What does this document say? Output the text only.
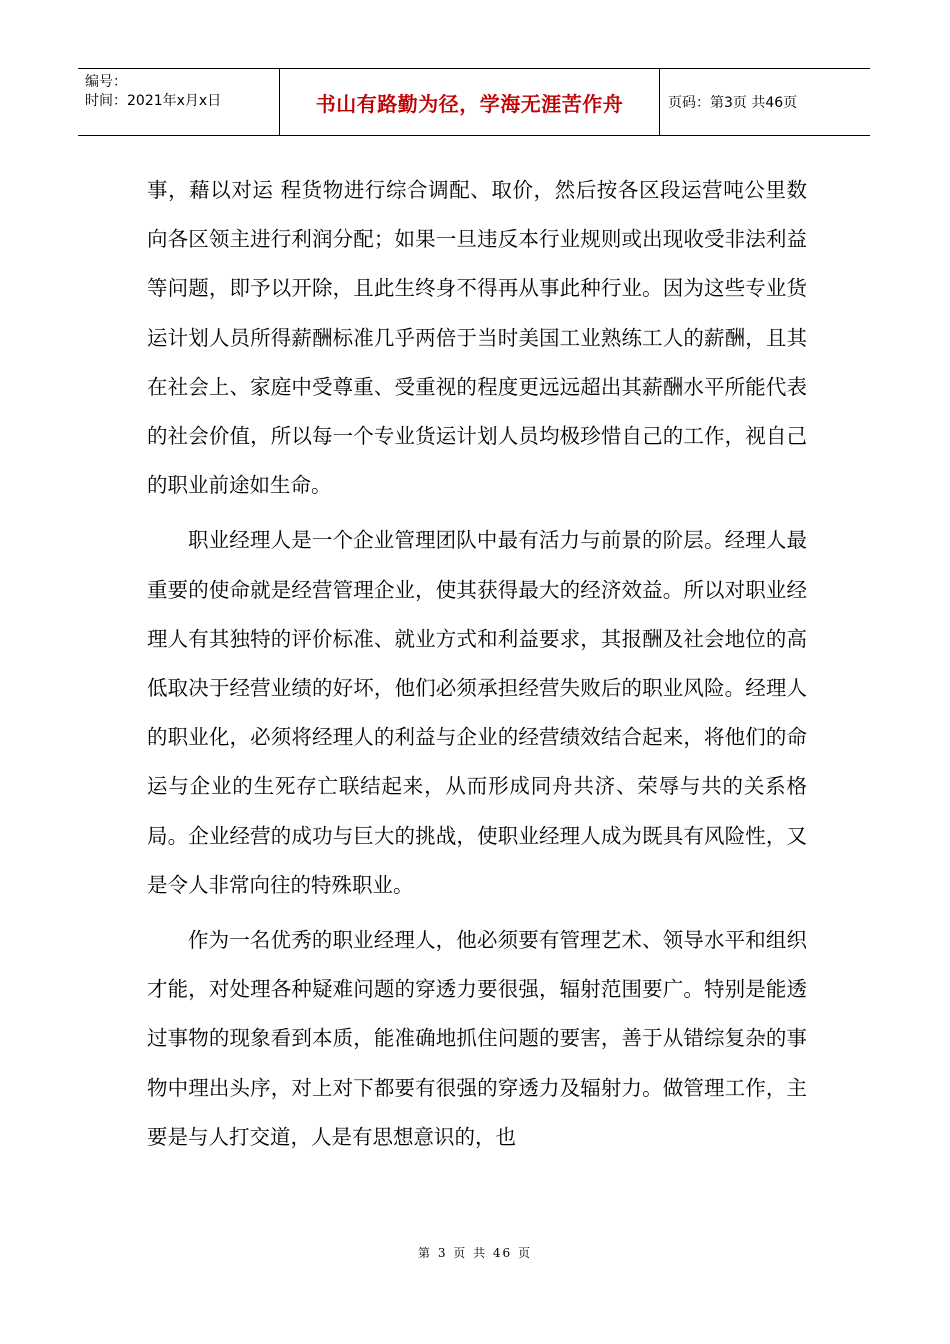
编号：
时间：2021年x月x日	书山有路勤为径，学海无涯苦作舟	页码：第3页 共46页

事，藉以对运 程货物进行综合调配、取价，然后按各区段运营吨公里数向各区领主进行利润分配；如果一旦违反本行业规则或出现收受非法利益等问题，即予以开除，且此生终身不得再从事此种行业。因为这些专业货运计划人员所得薪酬标准几乎两倍于当时美国工业熟练工人的薪酬，且其在社会上、家庭中受尊重、受重视的程度更远远超出其薪酬水平所能代表的社会价值，所以每一个专业货运计划人员均极珍惜自己的工作，视自己的职业前途如生命。

职业经理人是一个企业管理团队中最有活力与前景的阶层。经理人最重要的使命就是经营管理企业，使其获得最大的经济效益。所以对职业经理人有其独特的评价标准、就业方式和利益要求，其报酬及社会地位的高低取决于经营业绩的好坏，他们必须承担经营失败后的职业风险。经理人的职业化，必须将经理人的利益与企业的经营绩效结合起来，将他们的命运与企业的生死存亡联结起来，从而形成同舟共济、荣辱与共的关系格局。企业经营的成功与巨大的挑战，使职业经理人成为既具有风险性，又是令人非常向往的特殊职业。

作为一名优秀的职业经理人，他必须要有管理艺术、领导水平和组织才能，对处理各种疑难问题的穿透力要很强，辐射范围要广。特别是能透过事物的现象看到本质，能准确地抓住问题的要害，善于从错综复杂的事物中理出头序，对上对下都要有很强的穿透力及辐射力。做管理工作，主要是与人打交道，人是有思想意识的，也

第 3 页 共 46 页
